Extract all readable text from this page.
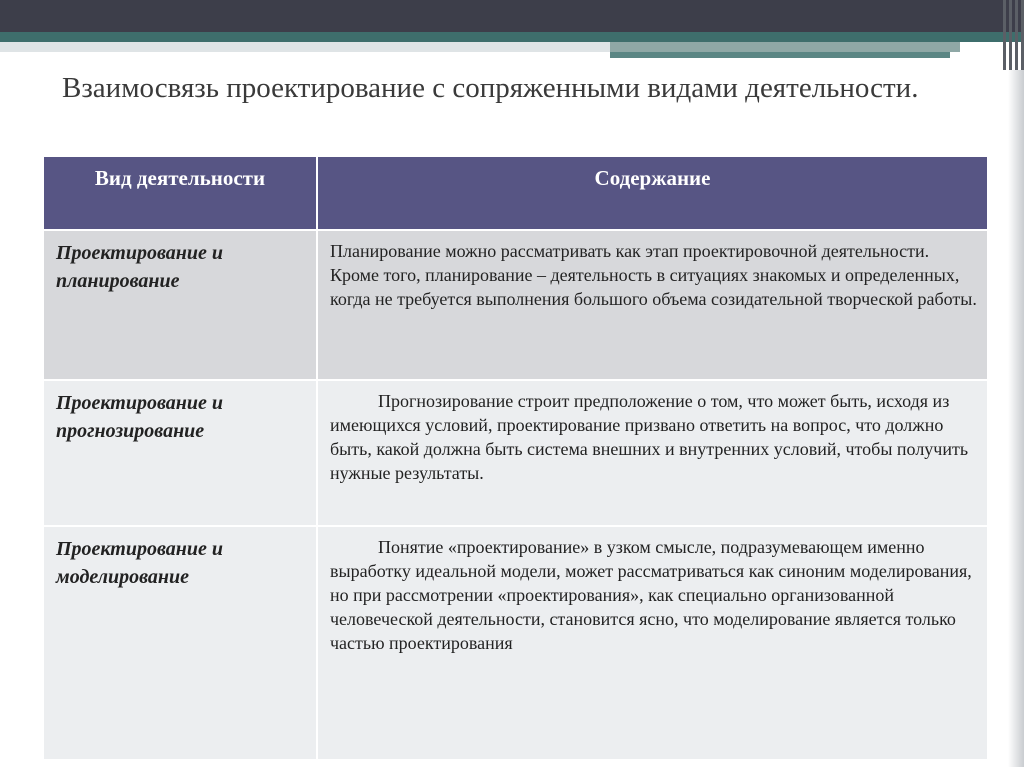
Взаимосвязь проектирование с сопряженными видами деятельности.
Вид деятельности	Содержание
Проектирование и планирование	Планирование можно рассматривать как этап проектировочной деятельности. Кроме того, планирование – деятельность в ситуациях знакомых и определенных, когда не требуется выполнения большого объема созидательной творческой работы.
Проектирование и прогнозирование	Прогнозирование строит предположение о том, что может быть, исходя из имеющихся условий, проектирование призвано ответить на вопрос, что должно быть, какой должна быть система внешних и внутренних условий, чтобы получить нужные результаты.

Проектирование и моделирование	Понятие «проектирование» в узком смысле, подразумевающем именно выработку идеальной модели, может рассматриваться как синоним моделирования, но при рассмотрении «проектирования», как специально организованной человеческой деятельности, становится ясно, что моделирование является только частью проектирования
